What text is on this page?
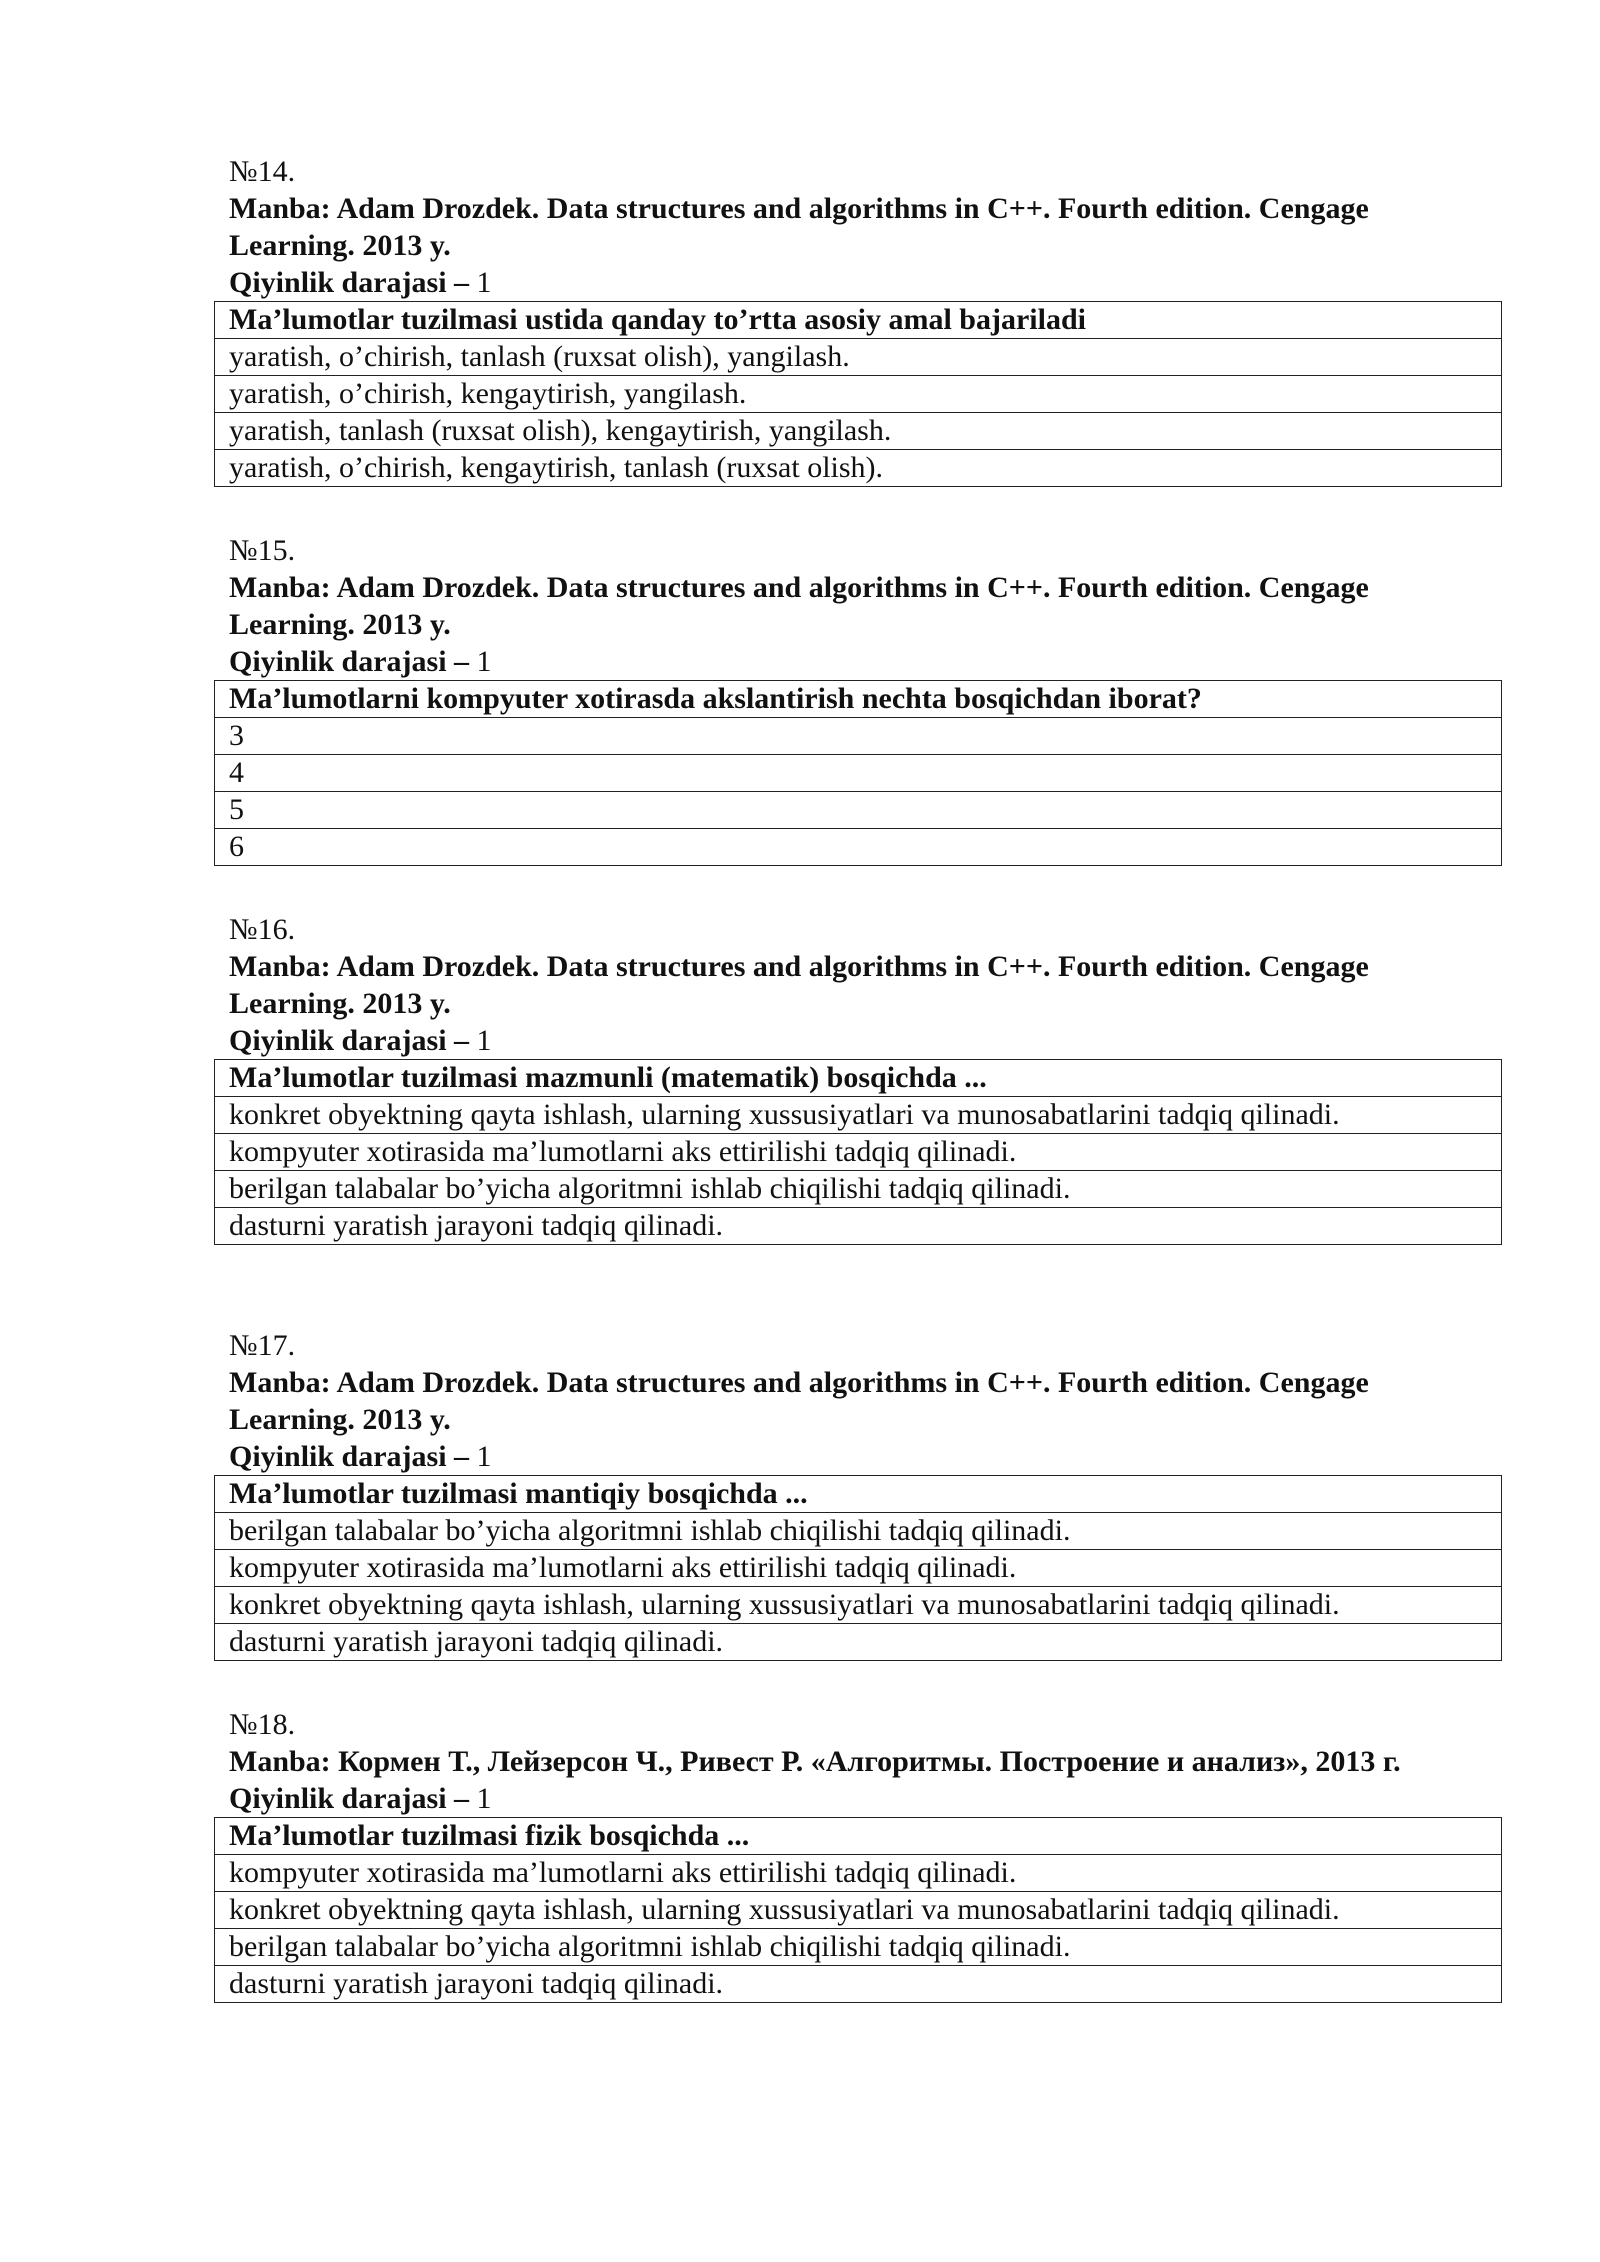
№14.
Manba: Adam Drozdek. Data structures and algorithms in C++. Fourth edition. Cengage Learning. 2013 y.
Qiyinlik darajasi – 1
Ma’lumotlar tuzilmasi ustida qanday to’rtta asosiy amal bajariladi
yaratish, o’chirish, tanlash (ruxsat olish), yangilash.
yaratish, o’chirish, kengaytirish, yangilash.
yaratish, tanlash (ruxsat olish), kengaytirish, yangilash.
yaratish, o’chirish, kengaytirish, tanlash (ruxsat olish).
№15.
Manba: Adam Drozdek. Data structures and algorithms in C++. Fourth edition. Cengage Learning. 2013 y.
Qiyinlik darajasi – 1
Ma’lumotlarni kompyuter xotirasda akslantirish nechta bosqichdan iborat?
3
4
5
6
№16.
Manba: Adam Drozdek. Data structures and algorithms in C++. Fourth edition. Cengage Learning. 2013 y.
Qiyinlik darajasi – 1
Ma’lumotlar tuzilmasi mazmunli (matematik) bosqichda ...
konkret obyektning qayta ishlash, ularning xussusiyatlari va munosabatlarini tadqiq qilinadi.
kompyuter xotirasida ma’lumotlarni aks ettirilishi tadqiq qilinadi.
berilgan talabalar bo’yicha algoritmni ishlab chiqilishi tadqiq qilinadi.
dasturni yaratish jarayoni tadqiq qilinadi.
№17.
Manba: Adam Drozdek. Data structures and algorithms in C++. Fourth edition. Cengage Learning. 2013 y.
Qiyinlik darajasi – 1
Ma’lumotlar tuzilmasi mantiqiy bosqichda ...
berilgan talabalar bo’yicha algoritmni ishlab chiqilishi tadqiq qilinadi.
kompyuter xotirasida ma’lumotlarni aks ettirilishi tadqiq qilinadi.
konkret obyektning qayta ishlash, ularning xussusiyatlari va munosabatlarini tadqiq qilinadi.
dasturni yaratish jarayoni tadqiq qilinadi.
№18.
Manba: Кормен Т., Лейзерсон Ч., Ривест Р. «Алгоритмы. Построение и анализ», 2013 г.
Qiyinlik darajasi – 1
Ma’lumotlar tuzilmasi fizik bosqichda ...
kompyuter xotirasida ma’lumotlarni aks ettirilishi tadqiq qilinadi.
konkret obyektning qayta ishlash, ularning xussusiyatlari va munosabatlarini tadqiq qilinadi.
berilgan talabalar bo’yicha algoritmni ishlab chiqilishi tadqiq qilinadi.
dasturni yaratish jarayoni tadqiq qilinadi.
